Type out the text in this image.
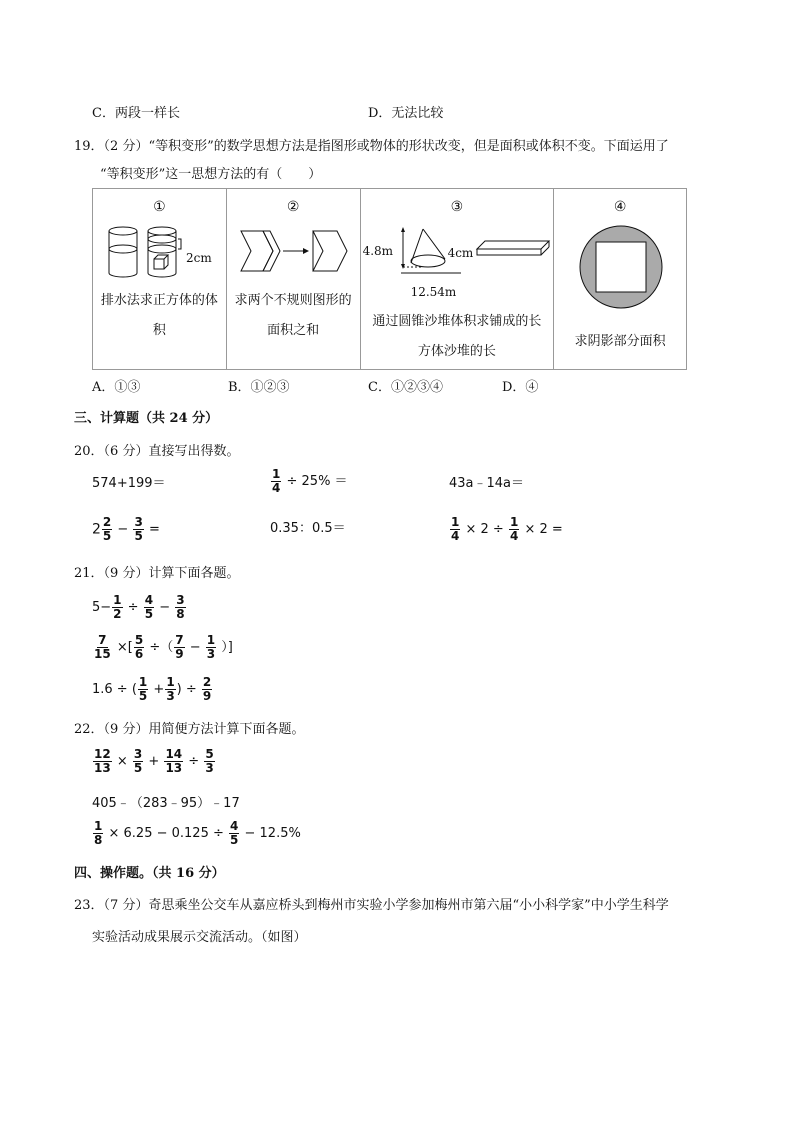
C．两段一样长	D．无法比较
19．（2 分）“等积变形”的数学思想方法是指图形或物体的形状改变，但是面积或体积不变。下面运用了
“等积变形”这一思想方法的有（　　）
①
2cm
排水法求正方体的体
积
②
求两个不规则图形的
面积之和
③
4.8m	4cm
12.54m
通过圆锥沙堆体积求铺成的长
方体沙堆的长
④
求阴影部分面积
A．①③	B．①②③	C．①②③④	D．④
三、计算题（共 24 分）
20．（6 分）直接写出得数。
574+199＝	$\frac{1}{4} \div 25\%$ ＝	43a﹣14a＝
$2 \frac{2}{5} - \frac{3}{5}$ =	0.35：0.5＝	$\frac{1}{4} \times 2 \div \frac{1}{4} \times 2$ =
21．（9 分）计算下面各题。
$5- \frac{1}{2} \div \frac{4}{5} - \frac{3}{8}$
$\frac{7}{15}$ ×[ $\frac{5}{6}$ ÷（ $\frac{7}{9} - \frac{1}{3}$ ）]
1.6 ÷ ( $\frac{1}{5} + \frac{1}{3}$ ) ÷ $\frac{2}{9}$
22．（9 分）用简便方法计算下面各题。
$\frac{12}{13} \times \frac{3}{5} + \frac{14}{13} \div \frac{5}{3}$
405﹣（283﹣95）﹣17
$\frac{1}{8} \times 6.25 - 0.125 \div \frac{4}{5} - 12.5\%$
四、操作题。（共 16 分）
23．（7 分）奇思乘坐公交车从嘉应桥头到梅州市实验小学参加梅州市第六届“小小科学家”中小学生科学
实验活动成果展示交流活动。（如图）
